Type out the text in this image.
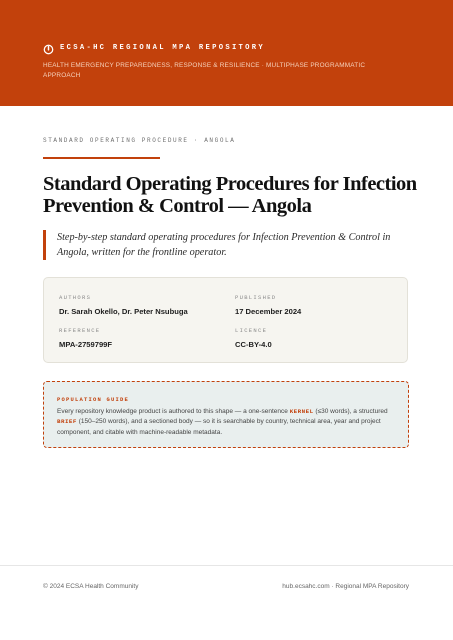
ECSA-HC REGIONAL MPA REPOSITORY
HEALTH EMERGENCY PREPAREDNESS, RESPONSE & RESILIENCE · MULTIPHASE PROGRAMMATIC APPROACH
STANDARD OPERATING PROCEDURE · ANGOLA
Standard Operating Procedures for Infection Prevention & Control — Angola

Step-by-step standard operating procedures for Infection Prevention & Control in Angola, written for the frontline operator.

AUTHORS
Dr. Sarah Okello, Dr. Peter Nsubuga
PUBLISHED
17 December 2024
REFERENCE
MPA-2759799F
LICENCE
CC-BY-4.0
POPULATION GUIDE

Every repository knowledge product is authored to this shape — a one-sentence KERNEL (≤30 words), a structured BRIEF (150–250 words), and a sectioned body — so it is searchable by country, technical area, year and project component, and citable with machine-readable metadata.

© 2024 ECSA Health Community	hub.ecsahc.com · Regional MPA Repository
